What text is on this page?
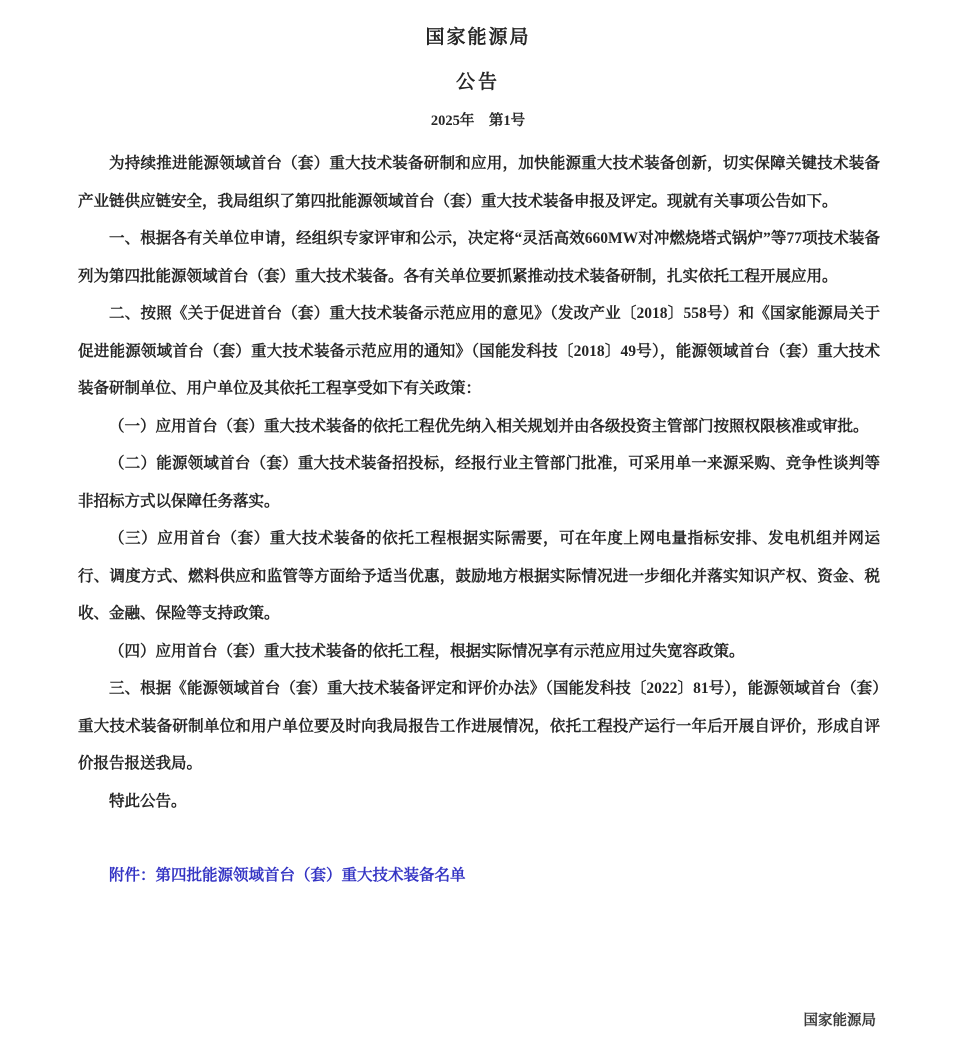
国家能源局
公告
2025年　第1号

为持续推进能源领域首台（套）重大技术装备研制和应用，加快能源重大技术装备创新，切实保障关键技术装备产业链供应链安全，我局组织了第四批能源领域首台（套）重大技术装备申报及评定。现就有关事项公告如下。

一、根据各有关单位申请，经组织专家评审和公示，决定将“灵活高效660MW对冲燃烧塔式锅炉”等77项技术装备列为第四批能源领域首台（套）重大技术装备。各有关单位要抓紧推动技术装备研制，扎实依托工程开展应用。

二、按照《关于促进首台（套）重大技术装备示范应用的意见》（发改产业〔2018〕558号）和《国家能源局关于促进能源领域首台（套）重大技术装备示范应用的通知》（国能发科技〔2018〕49号），能源领域首台（套）重大技术装备研制单位、用户单位及其依托工程享受如下有关政策：

（一）应用首台（套）重大技术装备的依托工程优先纳入相关规划并由各级投资主管部门按照权限核准或审批。

（二）能源领域首台（套）重大技术装备招投标，经报行业主管部门批准，可采用单一来源采购、竞争性谈判等非招标方式以保障任务落实。

（三）应用首台（套）重大技术装备的依托工程根据实际需要，可在年度上网电量指标安排、发电机组并网运行、调度方式、燃料供应和监管等方面给予适当优惠，鼓励地方根据实际情况进一步细化并落实知识产权、资金、税收、金融、保险等支持政策。

（四）应用首台（套）重大技术装备的依托工程，根据实际情况享有示范应用过失宽容政策。

三、根据《能源领域首台（套）重大技术装备评定和评价办法》（国能发科技〔2022〕81号），能源领域首台（套）重大技术装备研制单位和用户单位要及时向我局报告工作进展情况，依托工程投产运行一年后开展自评价，形成自评价报告报送我局。

特此公告。

附件：第四批能源领域首台（套）重大技术装备名单

国家能源局
